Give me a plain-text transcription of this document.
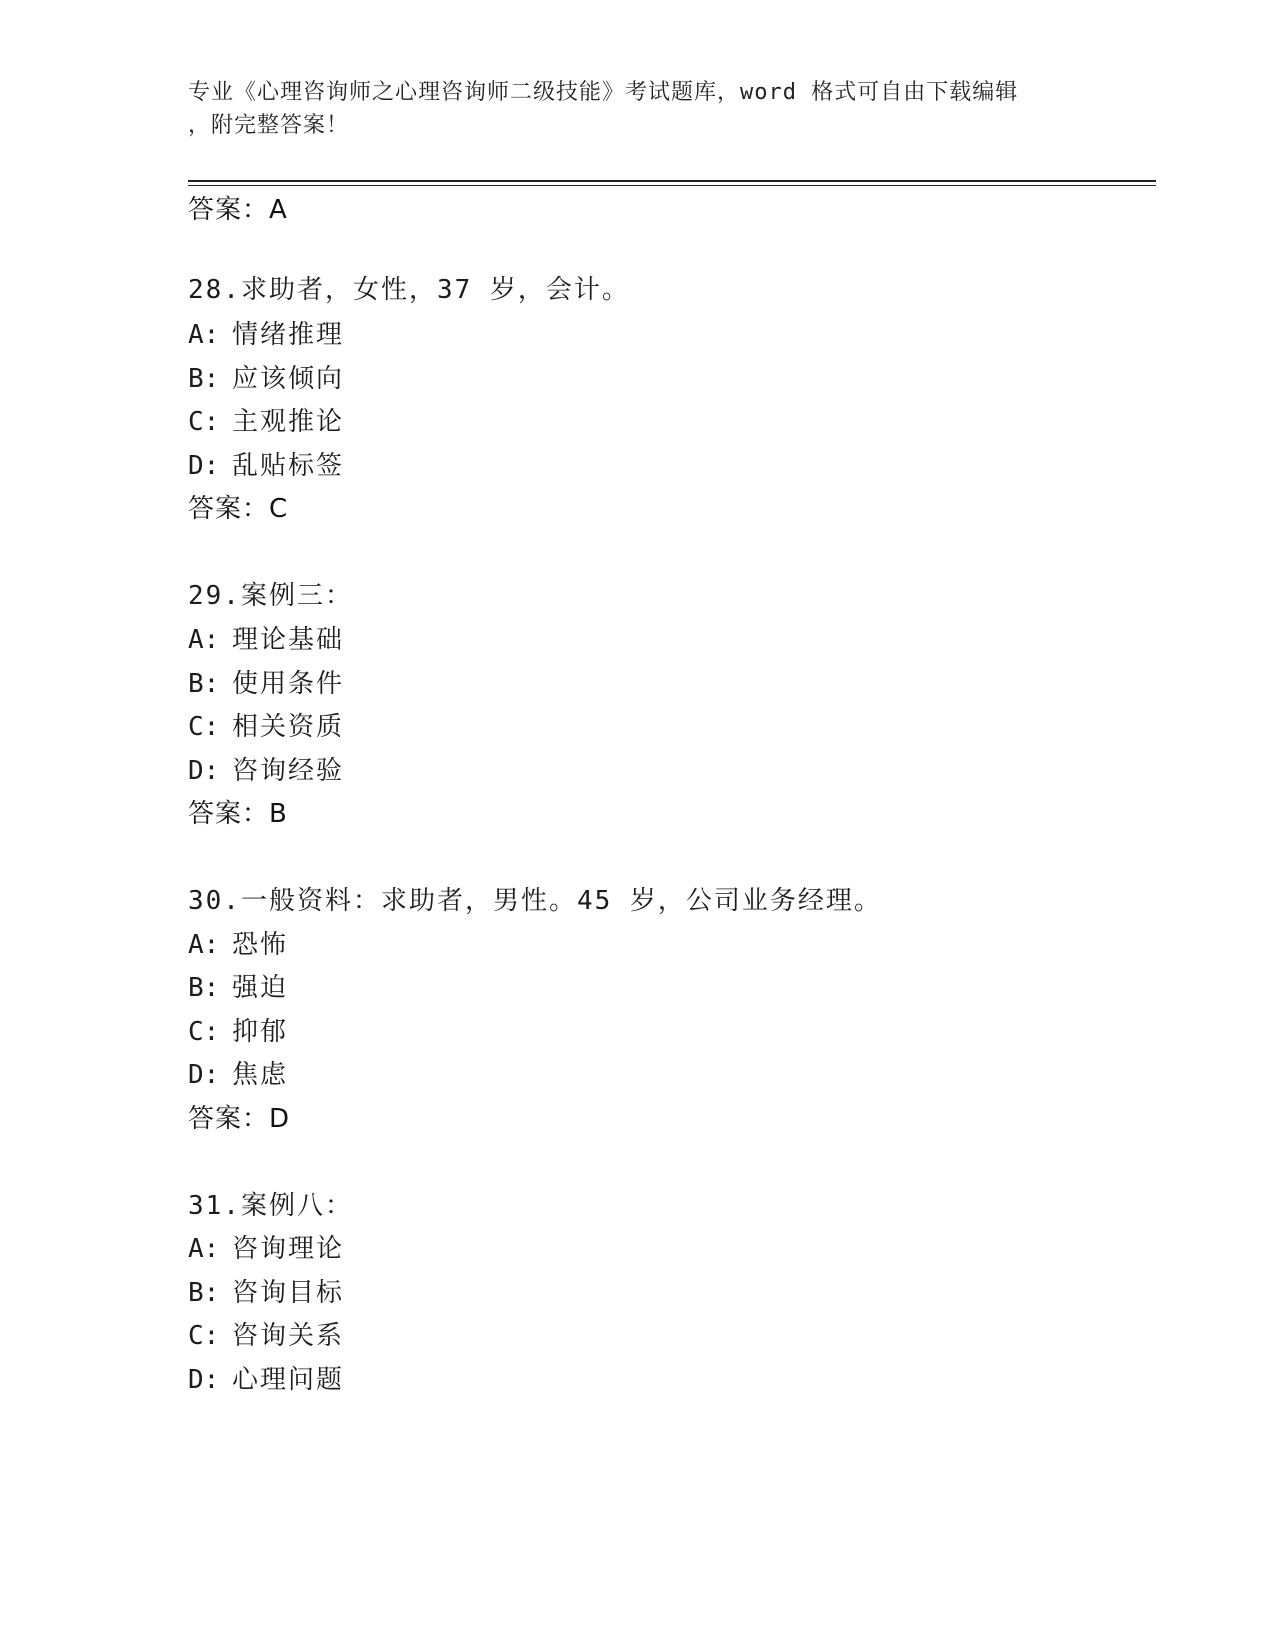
专业《心理咨询师之心理咨询师二级技能》考试题库，word 格式可自由下载编辑
，附完整答案！
答案：A
28.求助者，女性，37 岁，会计。
A: 情绪推理
B: 应该倾向
C: 主观推论
D: 乱贴标签
答案：C
29.案例三：
A: 理论基础
B: 使用条件
C: 相关资质
D: 咨询经验
答案：B
30.一般资料：求助者，男性。45 岁，公司业务经理。
A: 恐怖
B: 强迫
C: 抑郁
D: 焦虑
答案：D
31.案例八：
A: 咨询理论
B: 咨询目标
C: 咨询关系
D: 心理问题
